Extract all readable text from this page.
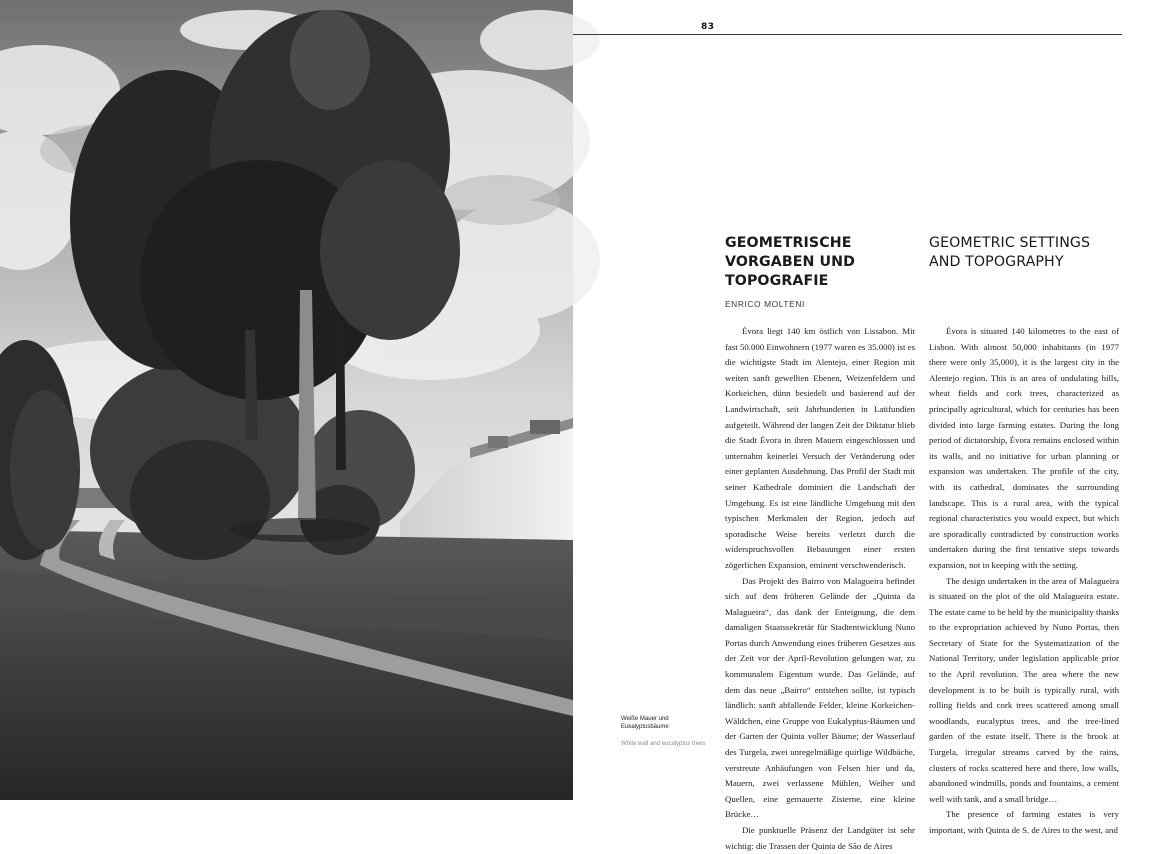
83
GEOMETRISCHE
VORGABEN UND
TOPOGRAFIE
GEOMETRIC SETTINGS
AND TOPOGRAPHY
ENRICO MOLTENI

Évora liegt 140 km östlich von Lissabon. Mit fast 50.000 Einwohnern (1977 waren es 35.000) ist es die wichtigste Stadt im Alentejo, einer Region mit weiten sanft gewellten Ebenen, Weizenfeldern und Korkeichen, dünn besiedelt und basierend auf der Landwirtschaft, seit Jahrhunderten in Latifundien aufgeteilt. Während der langen Zeit der Diktatur blieb die Stadt Évora in ihren Mauern eingeschlossen und unternahm keinerlei Versuch der Veränderung oder einer geplanten Ausdehnung. Das Profil der Stadt mit seiner Kathedrale dominiert die Landschaft der Umgebung. Es ist eine ländliche Umgebung mit den typischen Merkmalen der Region, jedoch auf sporadische Weise bereits verletzt durch die widerspruchsvollen Bebauungen einer ersten zögerlichen Expansion, eminent verschwenderisch.

Das Projekt des Bairro von Malagueira befindet sich auf dem früheren Gelände der „Quinta da Malagueira“, das dank der Enteignung, die dem damaligen Staatssekretär für Stadtentwicklung Nuno Portas durch Anwendung eines früheren Gesetzes aus der Zeit vor der April-Revolution gelungen war, zu kommunalem Eigentum wurde. Das Gelände, auf dem das neue „Bairro“ entstehen sollte, ist typisch ländlich: sanft abfallende Felder, kleine Korkeichen-Wäldchen, eine Gruppe von Eukalyptus-Bäumen und der Garten der Quinta voller Bäume; der Wasserlauf des Turgela, zwei unregelmäßige quirlige Wildbäche, verstreute Anhäufungen von Felsen hier und da, Mauern, zwei verlassene Mühlen, Weiher und Quellen, eine gemauerte Zisterne, eine kleine Brücke…

Die punktuelle Präsenz der Landgüter ist sehr wichtig: die Trassen der Quinta de São de Aires

Évora is situated 140 kilometres to the east of Lisbon. With almost 50,000 inhabitants (in 1977 there were only 35,000), it is the largest city in the Alentejo region. This is an area of undulating hills, wheat fields and cork trees, characterized as principally agricultural, which for centuries has been divided into large farming estates. During the long period of dictatorship, Évora remains enclosed within its walls, and no initiative for urban planning or expansion was undertaken. The profile of the city, with its cathedral, dominates the surrounding landscape. This is a rural area, with the typical regional characteristics you would expect, but which are sporadically contradicted by construction works undertaken during the first tentative steps towards expansion, not in keeping with the setting.

The design undertaken in the area of Malagueira is situated on the plot of the old Malagueira estate. The estate came to be held by the municipality thanks to the expropriation achieved by Nuno Portas, then Secretary of State for the Systematization of the National Territory, under legislation applicable prior to the April revolution. The area where the new development is to be built is typically rural, with rolling fields and cork trees scattered among small woodlands, eucalyptus trees, and the tree-lined garden of the estate itself. There is the brook at Turgela, irregular streams carved by the rains, clusters of rocks scattered here and there, low walls, abandoned windmills, ponds and fountains, a cement well with tank, and a small bridge…

The presence of farming estates is very important, with Quinta de S. de Aires to the west, and

Weiße Mauer und Eukalyptusbäume
White wall and eucalyptus trees
